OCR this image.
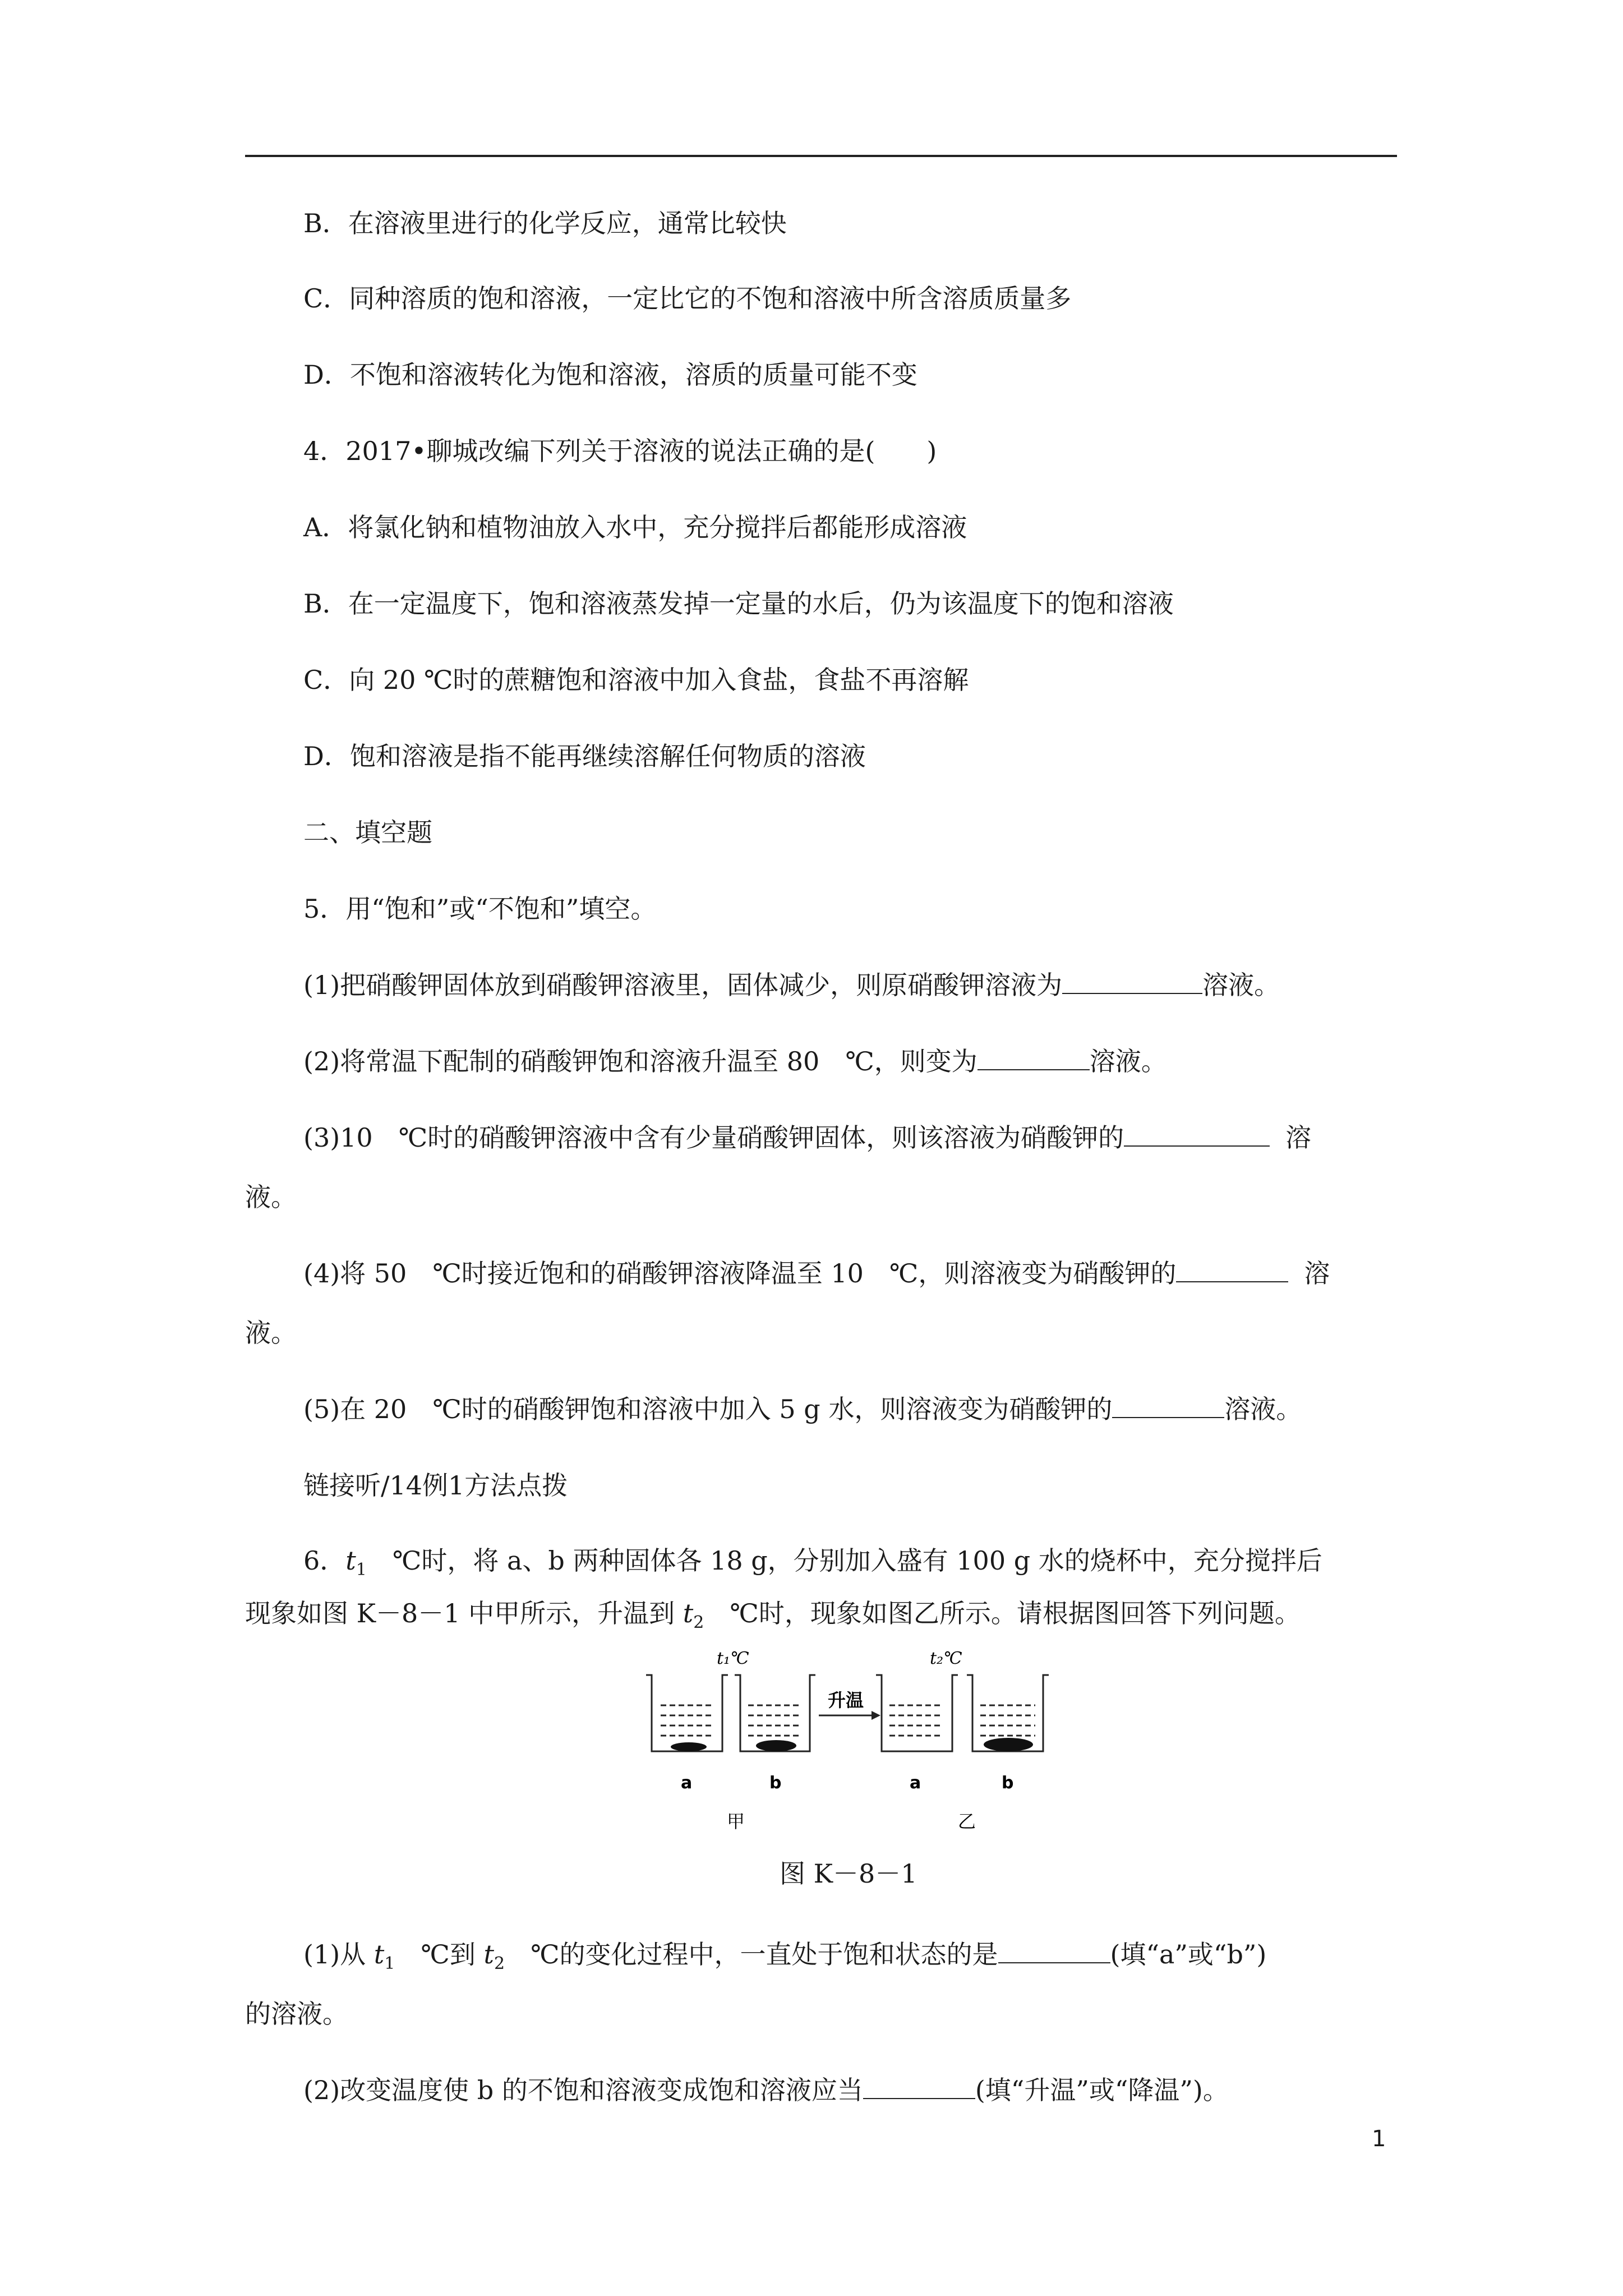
B．在溶液里进行的化学反应，通常比较快
C．同种溶质的饱和溶液，一定比它的不饱和溶液中所含溶质质量多
D．不饱和溶液转化为饱和溶液，溶质的质量可能不变
4．2017•聊城改编下列关于溶液的说法正确的是(　　)
A．将氯化钠和植物油放入水中，充分搅拌后都能形成溶液
B．在一定温度下，饱和溶液蒸发掉一定量的水后，仍为该温度下的饱和溶液
C．向 20 ℃时的蔗糖饱和溶液中加入食盐，食盐不再溶解
D．饱和溶液是指不能再继续溶解任何物质的溶液
二、填空题
5．用“饱和”或“不饱和”填空。
(1)把硝酸钾固体放到硝酸钾溶液里，固体减少，则原硝酸钾溶液为	溶液。
(2)将常温下配制的硝酸钾饱和溶液升温至 80　℃，则变为	溶液。
(3)10　℃时的硝酸钾溶液中含有少量硝酸钾固体，则该溶液为硝酸钾的	溶
液。
(4)将 50　℃时接近饱和的硝酸钾溶液降温至 10　℃，则溶液变为硝酸钾的	溶
液。
(5)在 20　℃时的硝酸钾饱和溶液中加入 5 g 水，则溶液变为硝酸钾的	溶液。
链接听/14例1方法点拨
6．$t_1$　℃时，将 a、b 两种固体各 18 g，分别加入盛有 100 g 水的烧杯中，充分搅拌后
现象如图 K－8－1 中甲所示，升温到 $t_2$　℃时，现象如图乙所示。请根据图回答下列问题。
t₁℃	t₂℃
升温
a	b	a
甲
b
乙
图 K－8－1
(1)从 $t_1$　℃到 $t_2$　℃的变化过程中，一直处于饱和状态的是	(填“a”或“b”)
的溶液。
(2)改变温度使 b 的不饱和溶液变成饱和溶液应当	(填“升温”或“降温”)。
1
